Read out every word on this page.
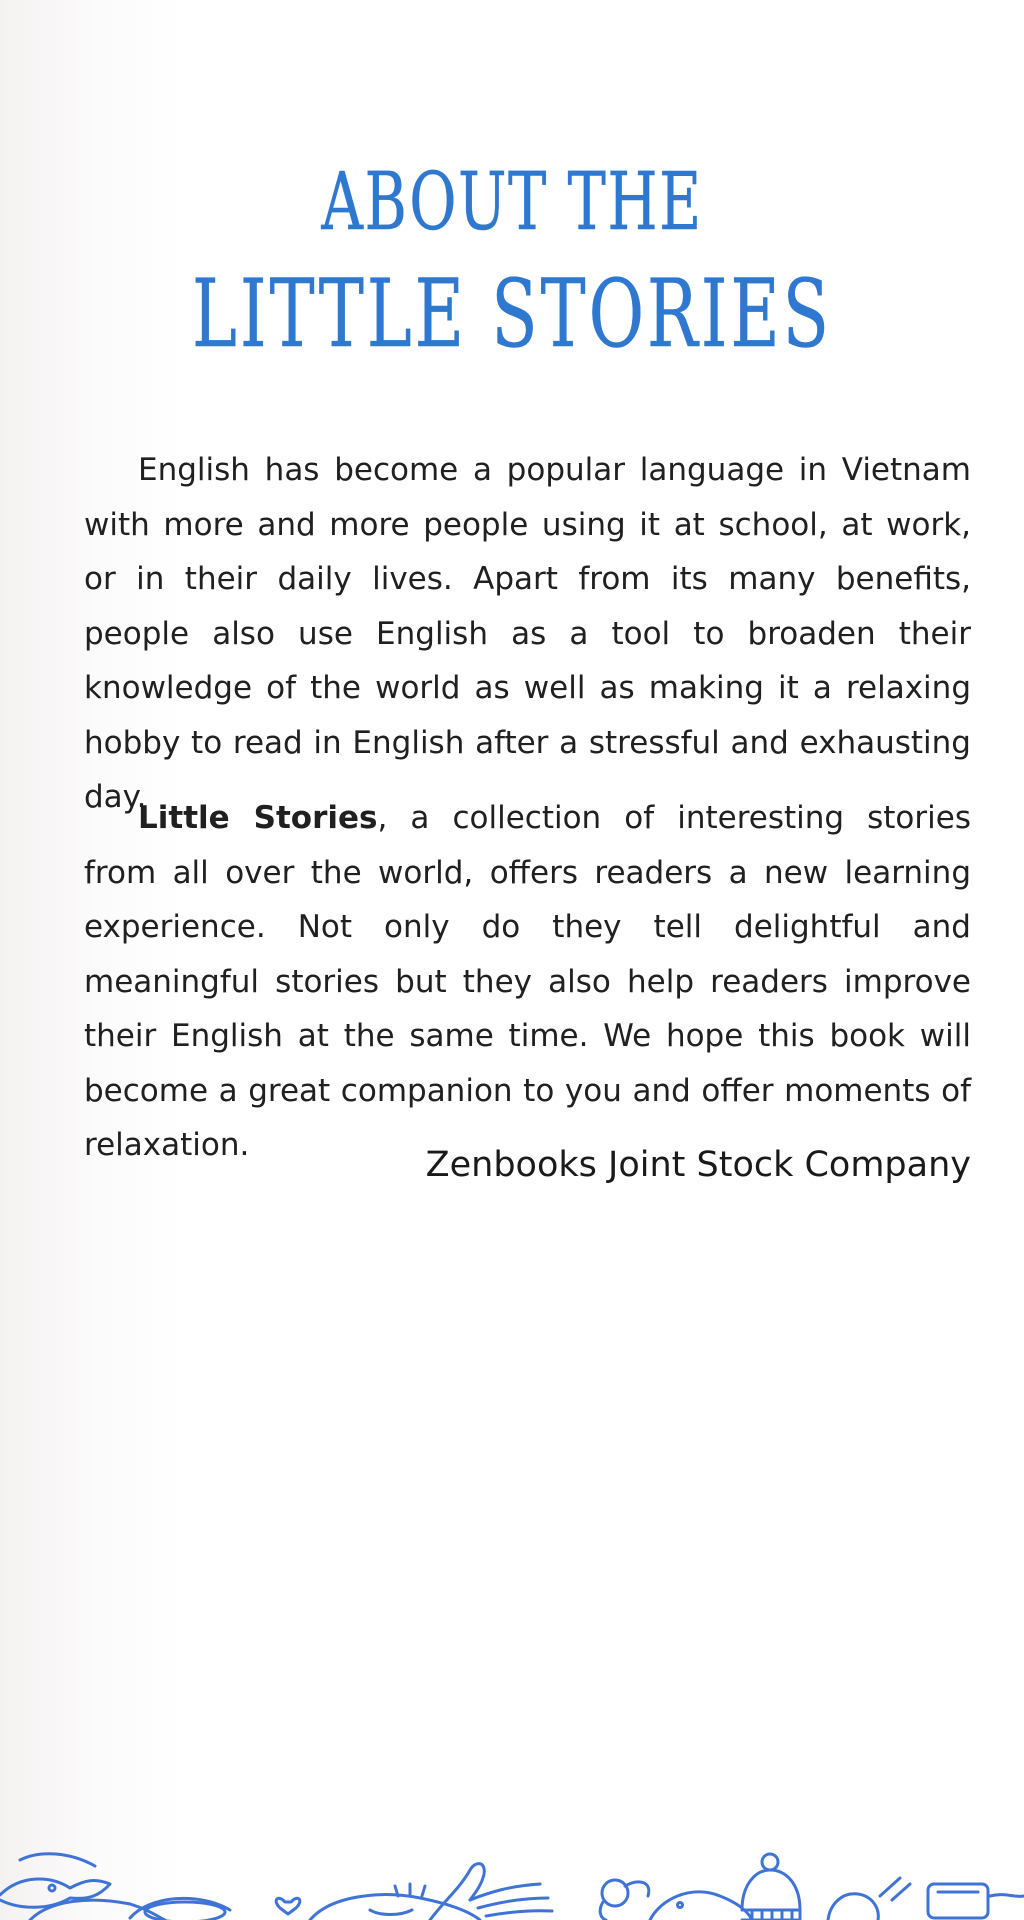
ABOUT THE
LITTLE STORIES

English has become a popular language in Vietnam with more and more people using it at school, at work, or in their daily lives. Apart from its many benefits, people also use English as a tool to broaden their knowledge of the world as well as making it a relaxing hobby to read in English after a stressful and exhausting day.

Little Stories, a collection of interesting stories from all over the world, offers readers a new learning experience. Not only do they tell delightful and meaningful stories but they also help readers improve their English at the same time. We hope this book will become a great companion to you and offer moments of relaxation.	Zenbooks Joint Stock Company
